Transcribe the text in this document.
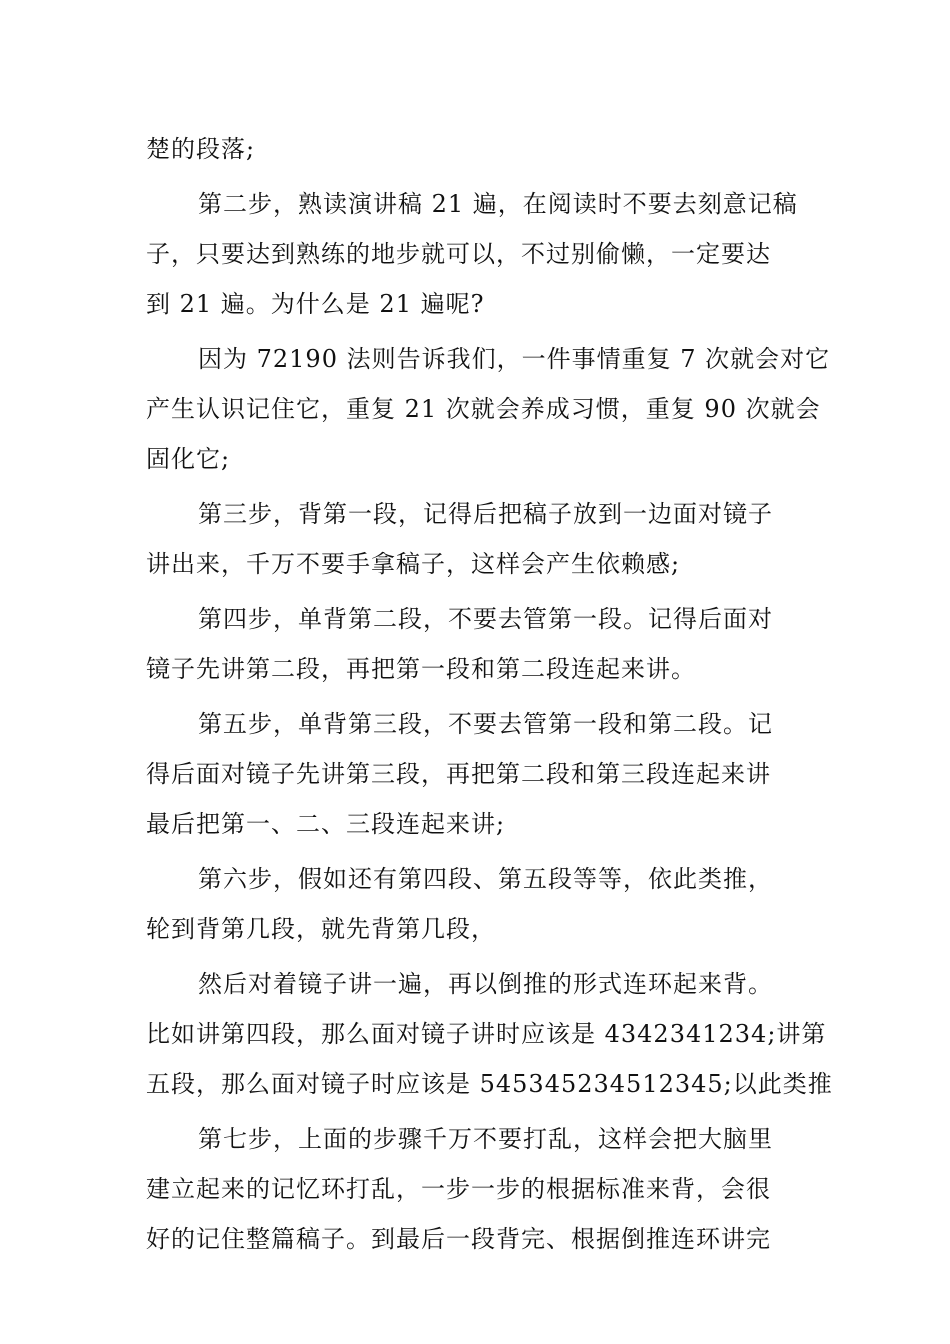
楚的段落;
第二步，熟读演讲稿 21 遍，在阅读时不要去刻意记稿
子，只要达到熟练的地步就可以，不过别偷懒，一定要达
到 21 遍。为什么是 21 遍呢?
因为 72190 法则告诉我们，一件事情重复 7 次就会对它
产生认识记住它，重复 21 次就会养成习惯，重复 90 次就会
固化它;
第三步，背第一段，记得后把稿子放到一边面对镜子
讲出来，千万不要手拿稿子，这样会产生依赖感;
第四步，单背第二段，不要去管第一段。记得后面对
镜子先讲第二段，再把第一段和第二段连起来讲。
第五步，单背第三段，不要去管第一段和第二段。记
得后面对镜子先讲第三段，再把第二段和第三段连起来讲
最后把第一、二、三段连起来讲;
第六步，假如还有第四段、第五段等等，依此类推，
轮到背第几段，就先背第几段，
然后对着镜子讲一遍，再以倒推的形式连环起来背。
比如讲第四段，那么面对镜子讲时应该是 4342341234;讲第
五段，那么面对镜子时应该是 545345234512345;以此类推
第七步，上面的步骤千万不要打乱，这样会把大脑里
建立起来的记忆环打乱，一步一步的根据标准来背，会很
好的记住整篇稿子。到最后一段背完、根据倒推连环讲完
